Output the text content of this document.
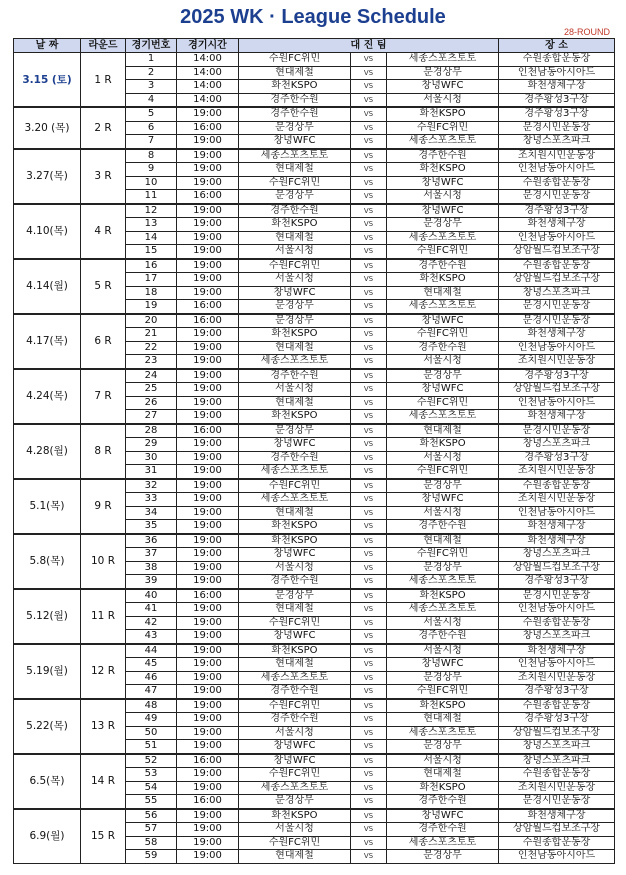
2025 WK · League Schedule
28-ROUND
날 짜	라운드	경기번호	경기시간	대 진 팀			장 소
3.15 (토)	1 R	1	14:00	수원FC위민	VS	세종스포츠토토	수원종합운동장
		2	14:00	현대제철	VS	문경상무	인천남동아시아드
		3	14:00	화천KSPO	VS	창녕WFC	화천생체구장
		4	14:00	경주한수원	VS	서울시청	경주황성3구장
3.20 (목)	2 R	5	19:00	경주한수원	VS	화천KSPO	경주황성3구장
		6	16:00	문경상무	VS	수원FC위민	문경시민운동장
		7	19:00	창녕WFC	VS	세종스포츠토토	창녕스포츠파크
3.27(목)	3 R	8	19:00	세종스포츠토토	VS	경주한수원	조치원시민운동장
		9	19:00	현대제철	VS	화천KSPO	인천남동아시아드
		10	19:00	수원FC위민	VS	창녕WFC	수원종합운동장
		11	16:00	문경상무	VS	서울시청	문경시민운동장
4.10(목)	4 R	12	19:00	경주한수원	VS	창녕WFC	경주황성3구장
		13	19:00	화천KSPO	VS	문경상무	화천생체구장
		14	19:00	현대제철	VS	세종스포츠토토	인천남동아시아드
		15	19:00	서울시청	VS	수원FC위민	상암월드컵보조구장
4.14(월)	5 R	16	19:00	수원FC위민	VS	경주한수원	수원종합운동장
		17	19:00	서울시청	VS	화천KSPO	상암월드컵보조구장
		18	19:00	창녕WFC	VS	현대제철	창녕스포츠파크
		19	16:00	문경상무	VS	세종스포츠토토	문경시민운동장
4.17(목)	6 R	20	16:00	문경상무	VS	창녕WFC	문경시민운동장
		21	19:00	화천KSPO	VS	수원FC위민	화천생체구장
		22	19:00	현대제철	VS	경주한수원	인천남동아시아드
		23	19:00	세종스포츠토토	VS	서울시청	조치원시민운동장
4.24(목)	7 R	24	19:00	경주한수원	VS	문경상무	경주황성3구장
		25	19:00	서울시청	VS	창녕WFC	상암월드컵보조구장
		26	19:00	현대제철	VS	수원FC위민	인천남동아시아드
		27	19:00	화천KSPO	VS	세종스포츠토토	화천생체구장
4.28(월)	8 R	28	16:00	문경상무	VS	현대제철	문경시민운동장
		29	19:00	창녕WFC	VS	화천KSPO	창녕스포츠파크
		30	19:00	경주한수원	VS	서울시청	경주황성3구장
		31	19:00	세종스포츠토토	VS	수원FC위민	조치원시민운동장
5.1(목)	9 R	32	19:00	수원FC위민	VS	문경상무	수원종합운동장
		33	19:00	세종스포츠토토	VS	창녕WFC	조치원시민운동장
		34	19:00	현대제철	VS	서울시청	인천남동아시아드
		35	19:00	화천KSPO	VS	경주한수원	화천생체구장
5.8(목)	10 R	36	19:00	화천KSPO	VS	현대제철	화천생체구장
		37	19:00	창녕WFC	VS	수원FC위민	창녕스포츠파크
		38	19:00	서울시청	VS	문경상무	상암월드컵보조구장
		39	19:00	경주한수원	VS	세종스포츠토토	경주황성3구장
5.12(월)	11 R	40	16:00	문경상무	VS	화천KSPO	문경시민운동장
		41	19:00	현대제철	VS	세종스포츠토토	인천남동아시아드
		42	19:00	수원FC위민	VS	서울시청	수원종합운동장
		43	19:00	창녕WFC	VS	경주한수원	창녕스포츠파크
5.19(월)	12 R	44	19:00	화천KSPO	VS	서울시청	화천생체구장
		45	19:00	현대제철	VS	창녕WFC	인천남동아시아드
		46	19:00	세종스포츠토토	VS	문경상무	조치원시민운동장
		47	19:00	경주한수원	VS	수원FC위민	경주황성3구장
5.22(목)	13 R	48	19:00	수원FC위민	VS	화천KSPO	수원종합운동장
		49	19:00	경주한수원	VS	현대제철	경주황성3구장
		50	19:00	서울시청	VS	세종스포츠토토	상암월드컵보조구장
		51	19:00	창녕WFC	VS	문경상무	창녕스포츠파크
6.5(목)	14 R	52	16:00	창녕WFC	VS	서울시청	창녕스포츠파크
		53	19:00	수원FC위민	VS	현대제철	수원종합운동장
		54	19:00	세종스포츠토토	VS	화천KSPO	조치원시민운동장
		55	16:00	문경상무	VS	경주한수원	문경시민운동장
6.9(월)	15 R	56	19:00	화천KSPO	VS	창녕WFC	화천생체구장
		57	19:00	서울시청	VS	경주한수원	상암월드컵보조구장
		58	19:00	수원FC위민	VS	세종스포츠토토	수원종합운동장
		59	19:00	현대제철	VS	문경상무	인천남동아시아드
